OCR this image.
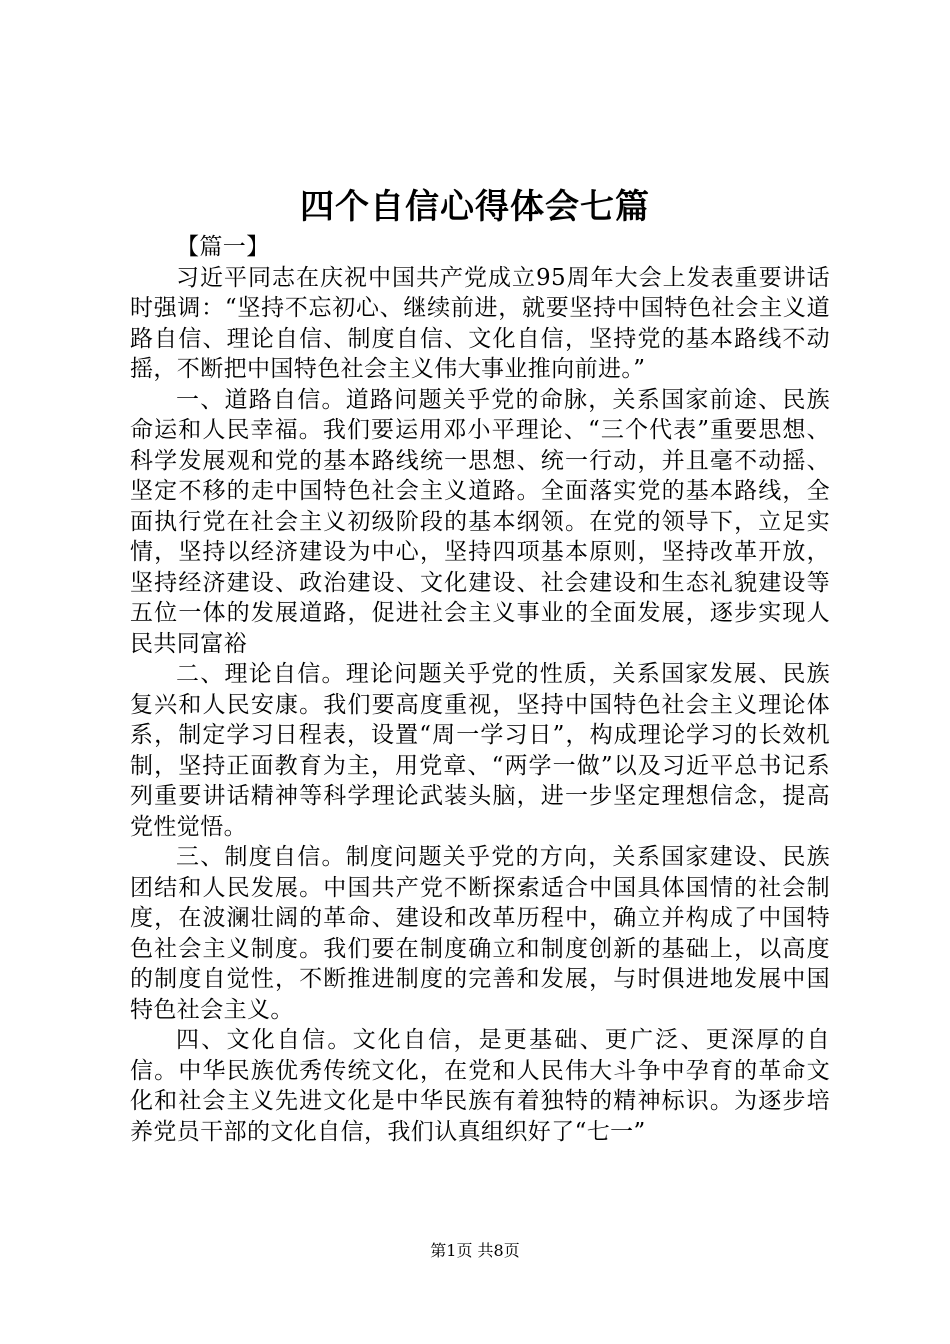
四个自信心得体会七篇

【篇一】

习近平同志在庆祝中国共产党成立95周年大会上发表重要讲话时强调：“坚持不忘初心、继续前进，就要坚持中国特色社会主义道路自信、理论自信、制度自信、文化自信，坚持党的基本路线不动摇，不断把中国特色社会主义伟大事业推向前进。”

一、道路自信。道路问题关乎党的命脉，关系国家前途、民族命运和人民幸福。我们要运用邓小平理论、“三个代表”重要思想、科学发展观和党的基本路线统一思想、统一行动，并且毫不动摇、坚定不移的走中国特色社会主义道路。全面落实党的基本路线，全面执行党在社会主义初级阶段的基本纲领。在党的领导下，立足实情，坚持以经济建设为中心，坚持四项基本原则，坚持改革开放，坚持经济建设、政治建设、文化建设、社会建设和生态礼貌建设等五位一体的发展道路，促进社会主义事业的全面发展，逐步实现人民共同富裕

二、理论自信。理论问题关乎党的性质，关系国家发展、民族复兴和人民安康。我们要高度重视，坚持中国特色社会主义理论体系，制定学习日程表，设置“周一学习日”，构成理论学习的长效机制，坚持正面教育为主，用党章、“两学一做”以及习近平总书记系列重要讲话精神等科学理论武装头脑，进一步坚定理想信念，提高党性觉悟。

三、制度自信。制度问题关乎党的方向，关系国家建设、民族团结和人民发展。中国共产党不断探索适合中国具体国情的社会制度，在波澜壮阔的革命、建设和改革历程中，确立并构成了中国特色社会主义制度。我们要在制度确立和制度创新的基础上，以高度的制度自觉性，不断推进制度的完善和发展，与时俱进地发展中国特色社会主义。

四、文化自信。文化自信，是更基础、更广泛、更深厚的自信。中华民族优秀传统文化，在党和人民伟大斗争中孕育的革命文化和社会主义先进文化是中华民族有着独特的精神标识。为逐步培养党员干部的文化自信，我们认真组织好了“七一”

第1页 共8页
